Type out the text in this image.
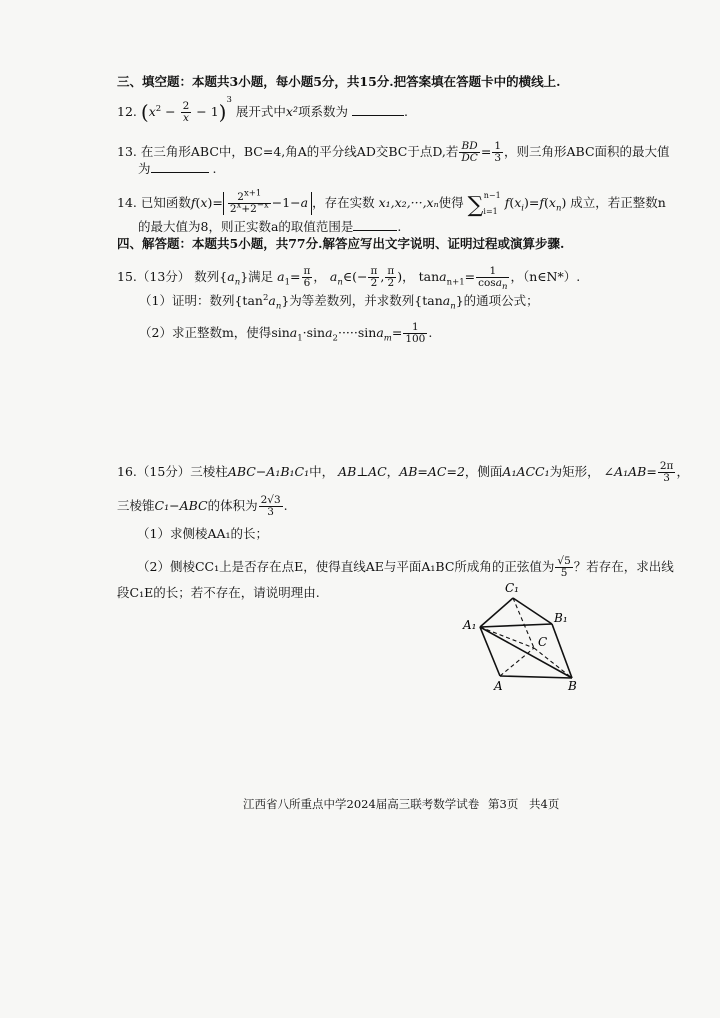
三、填空题：本题共3小题，每小题5分，共15分.把答案填在答题卡中的横线上.
12. $(x^2 - \frac{2}{x} - 1)^3$ 展开式中x²项系数为	.
13. 在三角形ABC中，BC=4,角A的平分线AD交BC于点D,若 $\frac{BD}{DC} = \frac{1}{3}$ ，则三角形ABC面积的最大值
为	.
14. 已知函数$f(x)= \frac{2^{x+1}}{2^x+2^{-x}} -1-a$ ，存在实数 x₁,x₂,···,xₙ使得 $\sum_{i=1}^{n-1}$ $f(x_i)=f(x_n)$ 成立，若正整数n
的最大值为8，则正实数a的取值范围是	.
四、解答题：本题共5小题，共77分.解答应写出文字说明、证明过程或演算步骤.
15.（13分） 数列$\{a_n\}$满足 $a_1= \frac{\pi}{6}$ ， $a_n\in(- \frac{\pi}{2}$ , $\frac{\pi}{2}$ )， $\tan a_{n+1}= \frac{1}{\cos a_n}$ ，（n∈N*）.
（1）证明：数列$\{\tan^2a_n\}$为等差数列，并求数列{tana$_n$}的通项公式；
（2）求正整数m，使得$\sin a_1\cdot\sin a_2\cdot\cdot\cdot\cdot\cdot\sin a_m= \frac{1}{100}$ .
16.（15分）三棱柱ABC−A₁B₁C₁中， AB⊥AC，AB=AC=2，侧面A₁ACC₁为矩形， ∠A₁AB= $\frac{2\pi}{3}$ ，
三棱锥C₁−ABC的体积为 $\frac{2√3}{3}$ .
（1）求侧棱AA₁的长；
（2）侧棱CC₁上是否存在点E，使得直线AE与平面A₁BC所成角的正弦值为 $\frac{√5}{5}$ ？若存在，求出线
段C₁E的长；若不存在，请说明理由.	C₁
B₁
A₁
C
A	B
江西省八所重点中学2024届高三联考数学试卷 第3页 共4页
